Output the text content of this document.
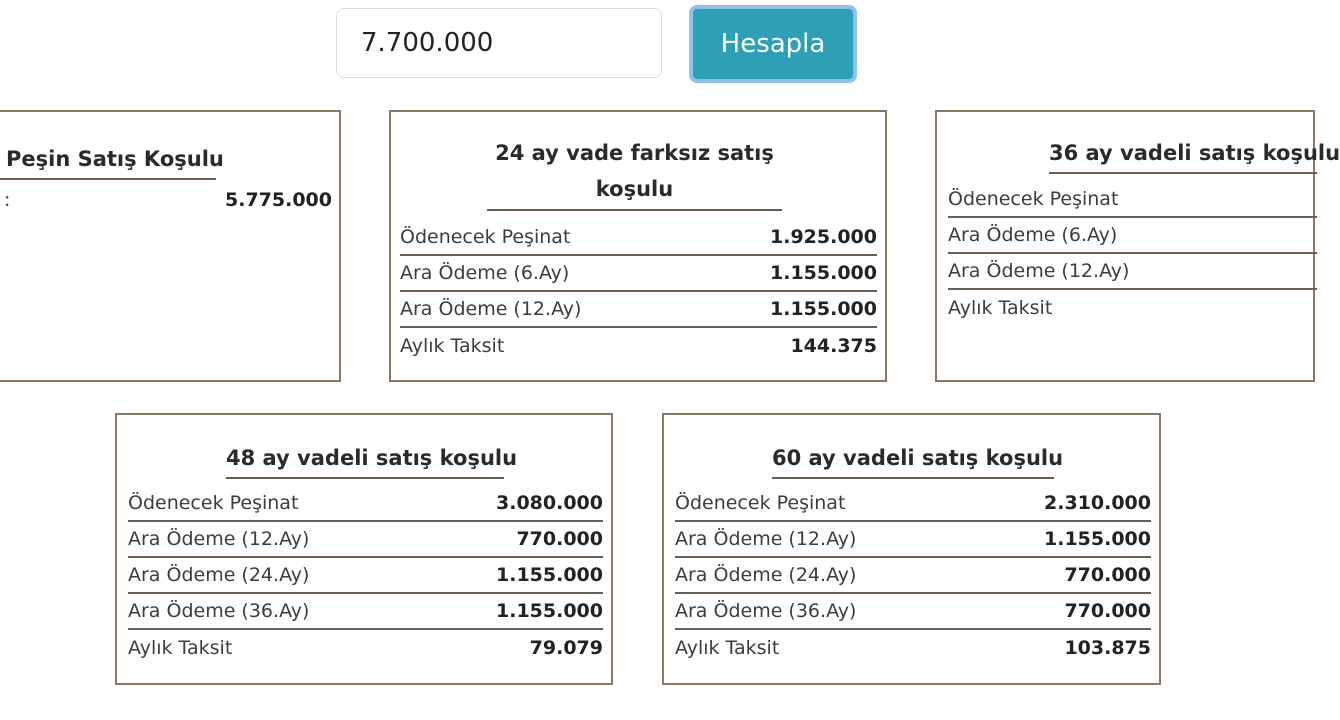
7.700.000
Hesapla
Peşin Satış Koşulu
:	5.775.000
24 ay vade farksız satış
koşulu
Ödenecek Peşinat	1.925.000
Ara Ödeme (6.Ay)	1.155.000
Ara Ödeme (12.Ay)	1.155.000
Aylık Taksit	144.375
36 ay vadeli satış koşulu
Ödenecek Peşinat
Ara Ödeme (6.Ay)
Ara Ödeme (12.Ay)
Aylık Taksit
48 ay vadeli satış koşulu
Ödenecek Peşinat	3.080.000
Ara Ödeme (12.Ay)	770.000
Ara Ödeme (24.Ay)	1.155.000
Ara Ödeme (36.Ay)	1.155.000
Aylık Taksit	79.079
60 ay vadeli satış koşulu
Ödenecek Peşinat	2.310.000
Ara Ödeme (12.Ay)	1.155.000
Ara Ödeme (24.Ay)	770.000
Ara Ödeme (36.Ay)	770.000
Aylık Taksit	103.875
